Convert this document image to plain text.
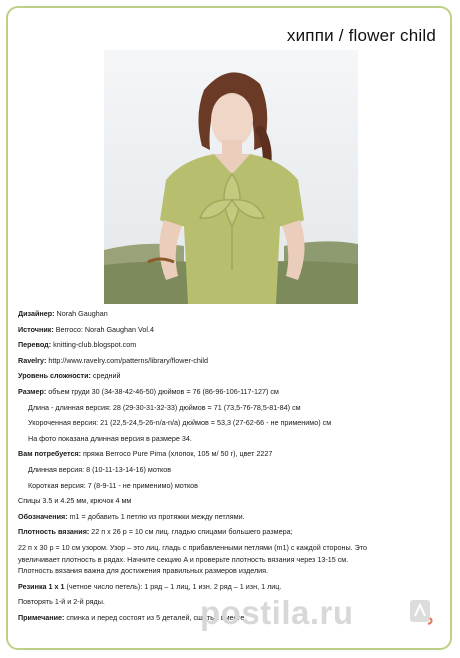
хиппи / flower child
Дизайнер: Norah Gaughan
Источник: Berroco: Norah Gaughan Vol.4
Перевод: knitting-club.blogspot.com
Ravelry: http://www.ravelry.com/patterns/library/flower-child
Уровень сложности: средний
Размер: объем груди 30 (34-38-42-46-50) дюймов = 76 (86-96-106-117-127) см
Длина - длинная версия: 28 (29-30-31-32-33) дюймов = 71 (73,5-76-78,5-81-84) см
Укороченная версия: 21 (22,5-24,5-26-n/a-n/a) дюймов = 53,3 (27-62-66 - не применимо) см
На фото показана длинная версия в размере 34.
Вам потребуется: пряжа Berroco Pure Pima (хлопок, 105 м/ 50 г), цвет 2227
Длинная версия: 8 (10-11-13-14-16) мотков
Короткая версия: 7 (8-9-11 - не применимо) мотков
Спицы 3.5 и 4.25 мм, крючок 4 мм
Обозначения: m1 = добавить 1 петлю из протяжки между петлями.
Плотность вязания: 22 п x 26 р = 10 см лиц. гладью спицами большего размера;
22 п x 30 р = 10 см узором. Узор – это лиц. гладь с прибавленными петлями (m1) с каждой стороны. Это
увеличивает плотность в рядах. Начните секцию A и проверьте плотность вязания через 13-15 см.
Плотность вязания важна для достижения правильных размеров изделия.
Резинка 1 х 1 (четное число петель): 1 ряд – 1 лиц, 1 изн. 2 ряд – 1 изн, 1 лиц.
Повторять 1-й и 2-й ряды.
Примечание: спинка и перед состоят из 5 деталей, сшитых вместе.
postila.ru
